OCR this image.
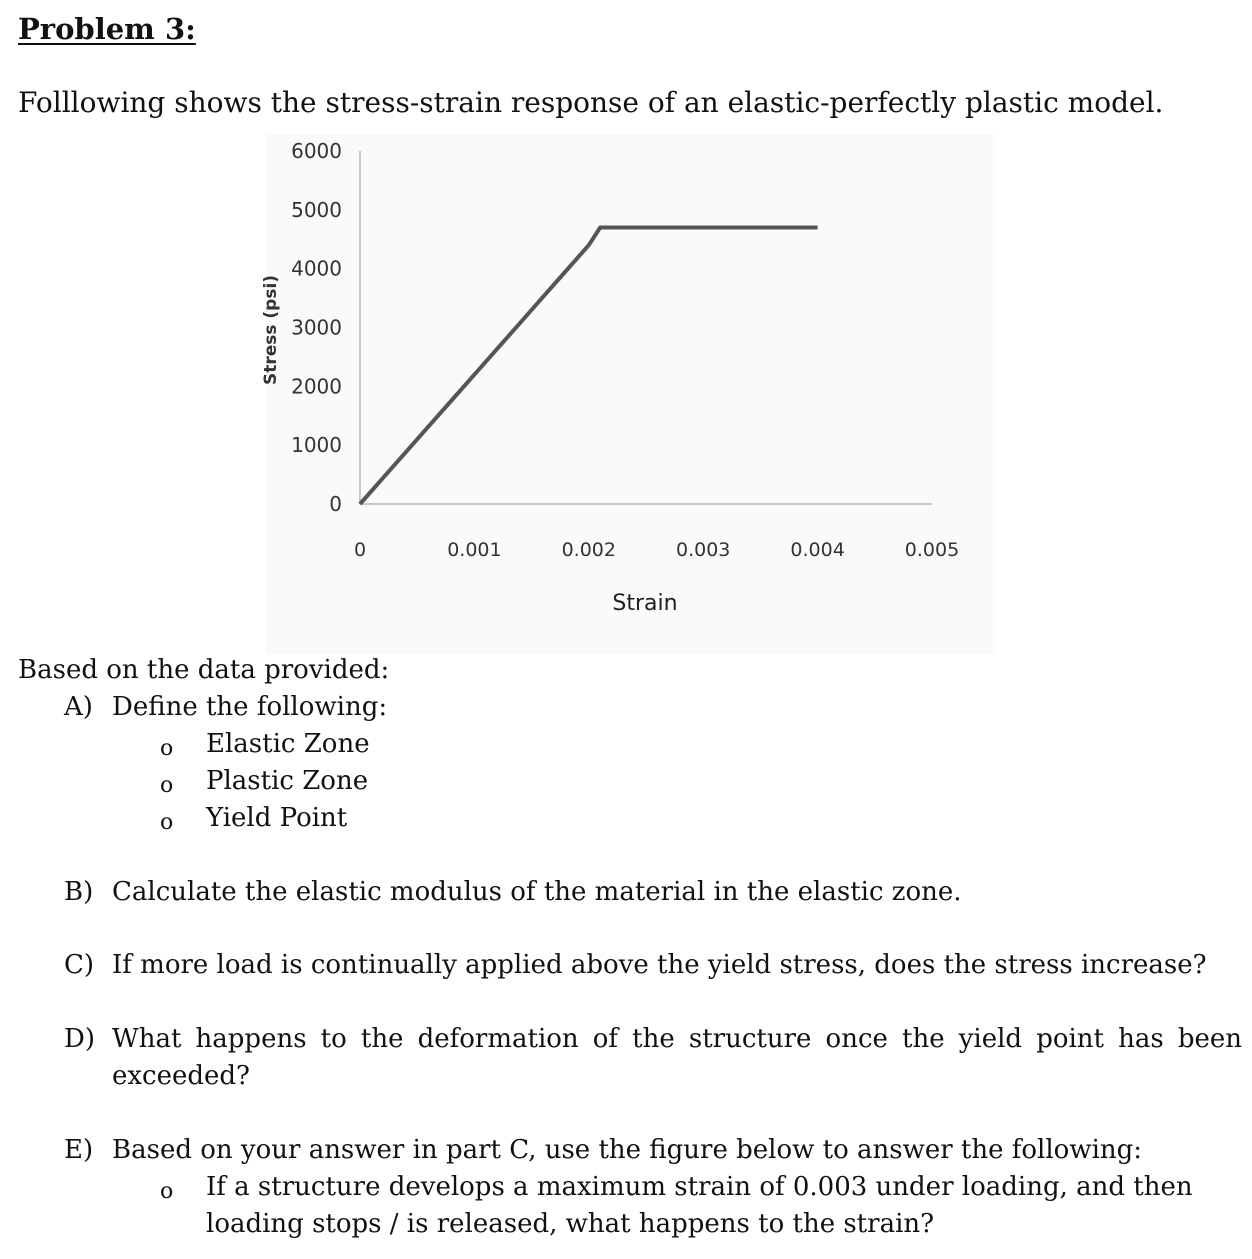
Problem 3:
Folllowing shows the stress-strain response of an elastic-perfectly plastic model.
6000
5000
4000
3000
2000
1000
0
0	0.001	0.002	0.003	0.004	0.005
Strain
Stress (psi)
Based on the data provided:
A) Define the following:
o Elastic Zone
o Plastic Zone
o Yield Point
B) Calculate the elastic modulus of the material in the elastic zone.
C) If more load is continually applied above the yield stress, does the stress increase?
D) What happens to the deformation of the structure once the yield point has been
exceeded?
E) Based on your answer in part C, use the figure below to answer the following:
o If a structure develops a maximum strain of 0.003 under loading, and then
loading stops / is released, what happens to the strain?
